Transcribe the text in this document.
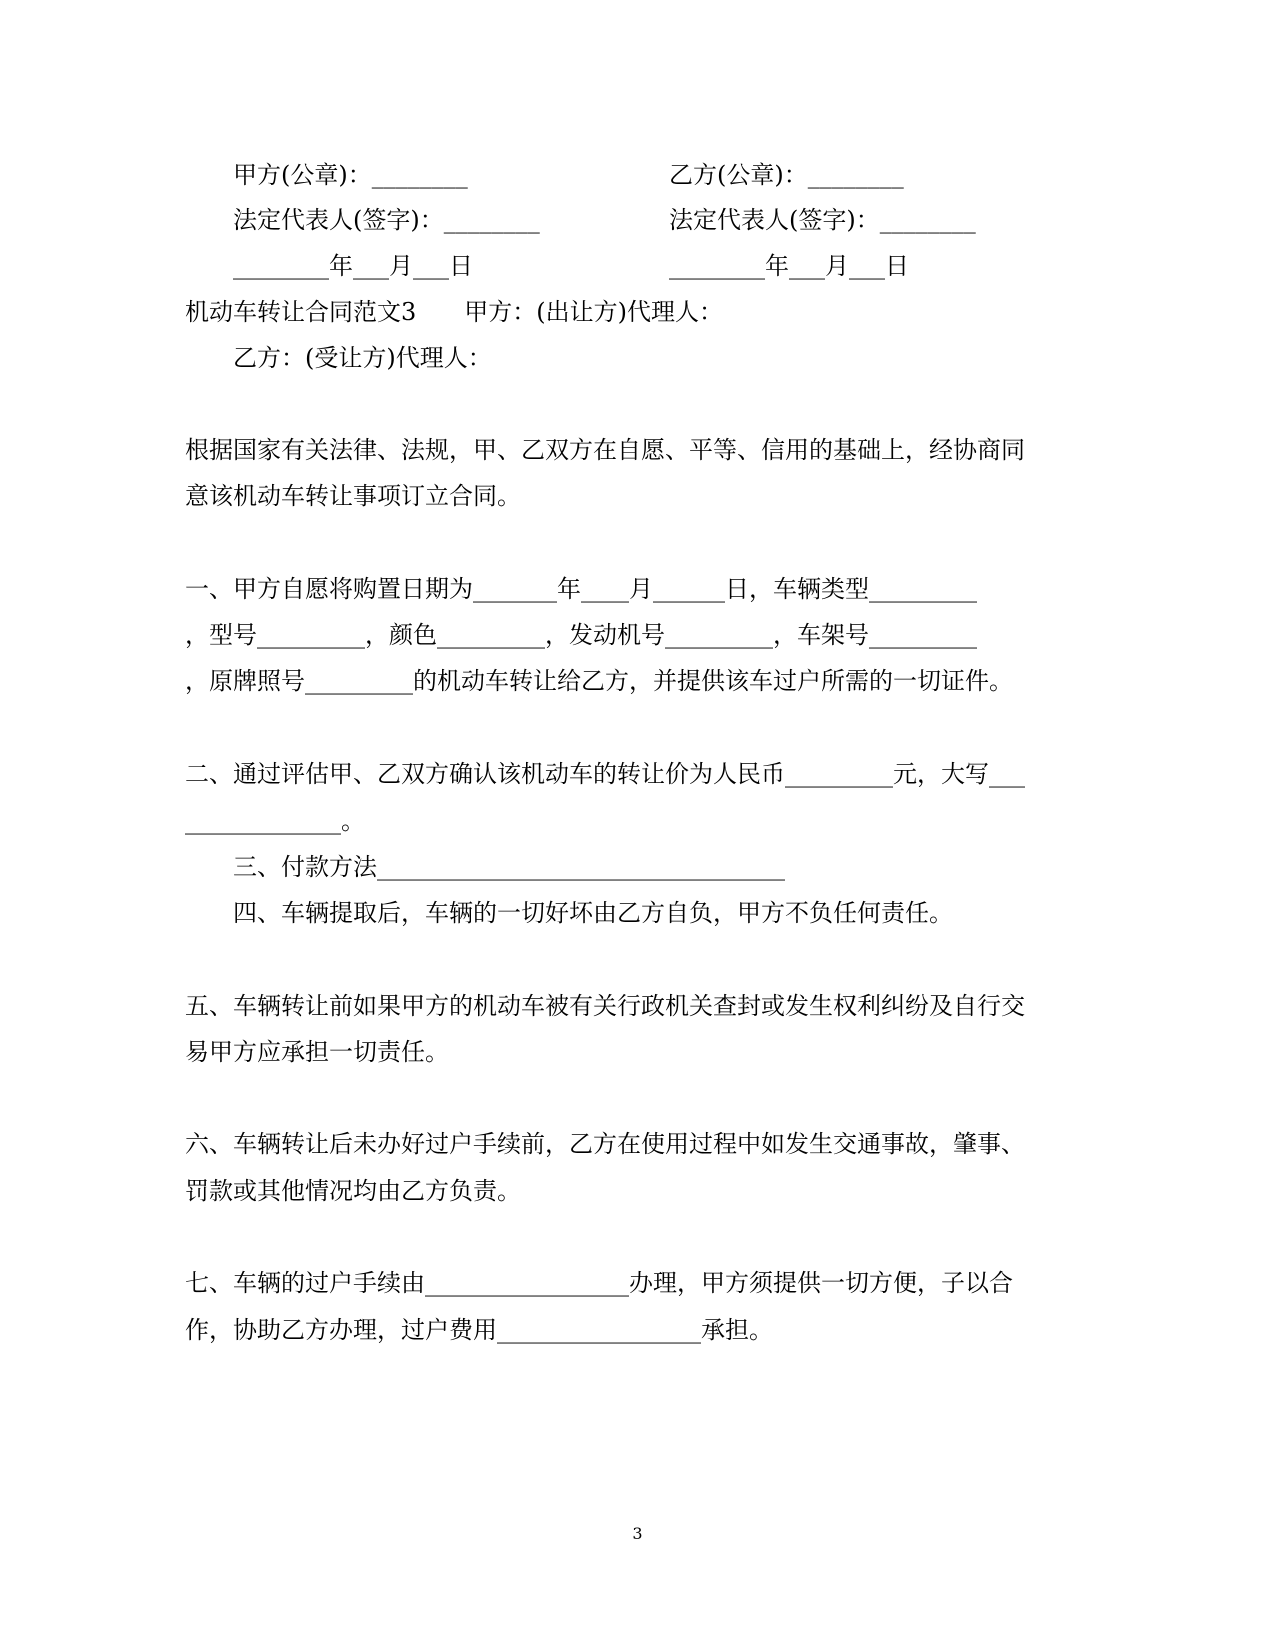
甲方(公章)：________	乙方(公章)：________
法定代表人(签字)：________	法定代表人(签字)：________
________年___月___日	________年___月___日
机动车转让合同范文3　　甲方：(出让方)代理人：
乙方：(受让方)代理人：
根据国家有关法律、法规，甲、乙双方在自愿、平等、信用的基础上，经协商同
意该机动车转让事项订立合同。
一、甲方自愿将购置日期为_______年____月______日，车辆类型_________
，型号_________，颜色_________，发动机号_________，车架号_________
，原牌照号_________的机动车转让给乙方，并提供该车过户所需的一切证件。
二、通过评估甲、乙双方确认该机动车的转让价为人民币_________元，大写___
_____________。
三、付款方法__________________________________
四、车辆提取后，车辆的一切好坏由乙方自负，甲方不负任何责任。
五、车辆转让前如果甲方的机动车被有关行政机关查封或发生权利纠纷及自行交
易甲方应承担一切责任。
六、车辆转让后未办好过户手续前，乙方在使用过程中如发生交通事故，肇事、
罚款或其他情况均由乙方负责。
七、车辆的过户手续由_________________办理，甲方须提供一切方便，子以合
作，协助乙方办理，过户费用_________________承担。
3
